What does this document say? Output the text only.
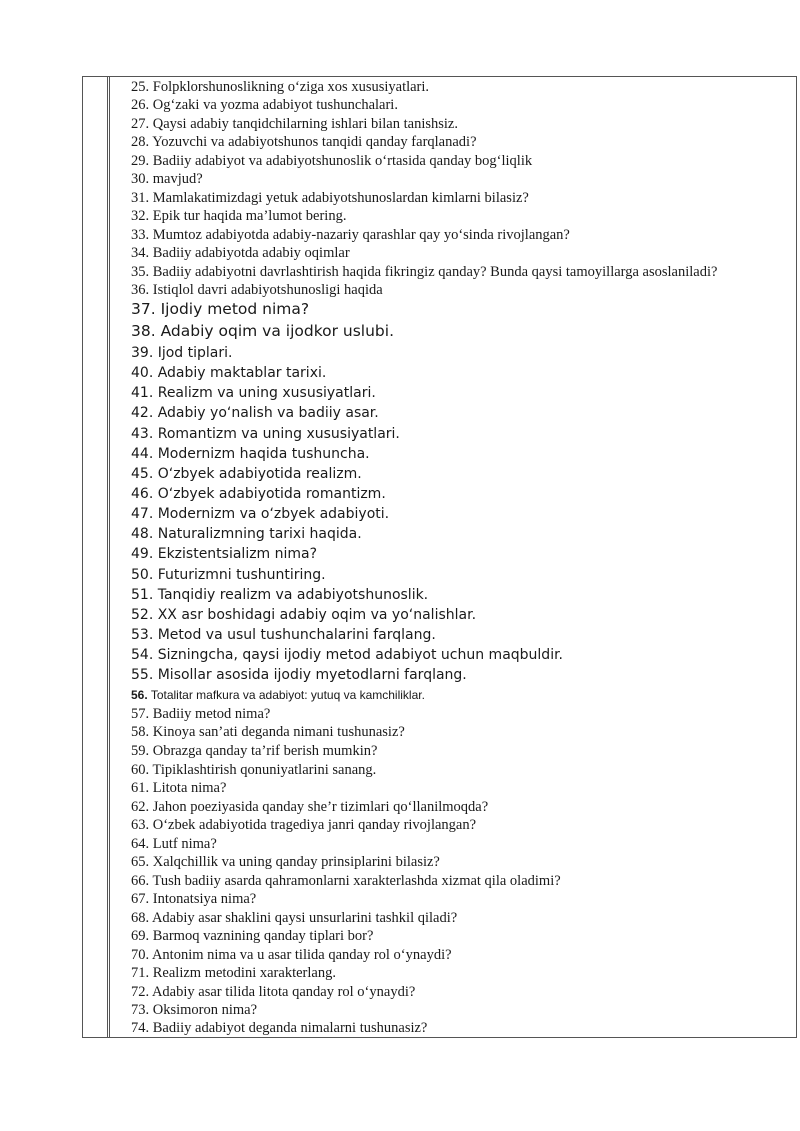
25. Folpklorshunoslikning o‘ziga xos xususiyatlari.
26. Og‘zaki va yozma adabiyot tushunchalari.
27. Qaysi adabiy tanqidchilarning ishlari bilan tanishsiz.
28. Yozuvchi va adabiyotshunos tanqidi qanday farqlanadi?
29. Badiiy adabiyot va adabiyotshunoslik o‘rtasida qanday bog‘liqlik
30. mavjud?
31. Mamlakatimizdagi yetuk adabiyotshunoslardan kimlarni bilasiz?
32. Epik tur haqida ma’lumot bering.
33. Mumtoz adabiyotda adabiy-nazariy qarashlar qay yo‘sinda rivojlangan?
34. Badiiy adabiyotda adabiy oqimlar
35. Badiiy adabiyotni davrlashtirish haqida fikringiz qanday? Bunda qaysi tamoyillarga asoslaniladi?
36. Istiqlol davri adabiyotshunosligi haqida
37. Ijodiy metod nima?
38. Adabiy oqim va ijodkor uslubi.
39. Ijod tiplari.
40. Adabiy maktablar tarixi.
41. Realizm va uning xususiyatlari.
42. Adabiy yo‘nalish va badiiy asar.
43. Romantizm va uning xususiyatlari.
44. Modernizm haqida tushuncha.
45. O‘zbyek adabiyotida realizm.
46. O‘zbyek adabiyotida romantizm.
47. Modernizm va o‘zbyek adabiyoti.
48. Naturalizmning tarixi haqida.
49. Ekzistentsializm nima?
50. Futurizmni tushuntiring.
51. Tanqidiy realizm va adabiyotshunoslik.
52. XX asr boshidagi adabiy oqim va yo‘nalishlar.
53. Metod va usul tushunchalarini farqlang.
54. Sizningcha, qaysi ijodiy metod adabiyot uchun maqbuldir.
55. Misollar asosida ijodiy myetodlarni farqlang.
56. Totalitar mafkura va adabiyot: yutuq va kamchiliklar.
57. Badiiy metod nima?
58. Kinoya san’ati deganda nimani tushunasiz?
59. Obrazga qanday ta’rif berish mumkin?
60. Tipiklashtirish qonuniyatlarini sanang.
61. Litota nima?
62. Jahon poeziyasida qanday she’r tizimlari qo‘llanilmoqda?
63. O‘zbek adabiyotida tragediya janri qanday rivojlangan?
64. Lutf nima?
65. Xalqchillik va uning qanday prinsiplarini bilasiz?
66. Tush badiiy asarda qahramonlarni xarakterlashda xizmat qila oladimi?
67. Intonatsiya nima?
68. Adabiy asar shaklini qaysi unsurlarini tashkil qiladi?
69. Barmoq vaznining qanday tiplari bor?
70. Antonim nima va u asar tilida qanday rol o‘ynaydi?
71. Realizm metodini xarakterlang.
72. Adabiy asar tilida litota qanday rol o‘ynaydi?
73. Oksimoron nima?
74. Badiiy adabiyot deganda nimalarni tushunasiz?
